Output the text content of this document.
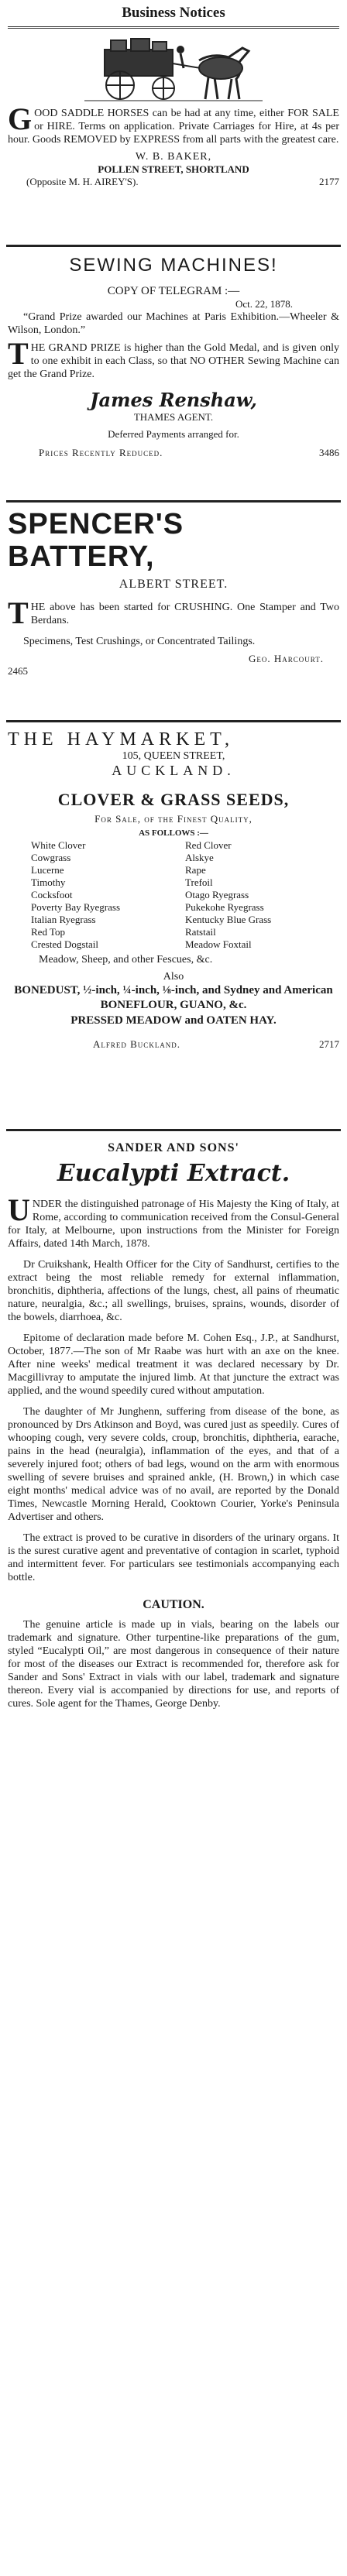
Business Notices

G OOD SADDLE HORSES can be had at any time, either FOR SALE or HIRE. Terms on application. Private Carriages for Hire, at 4s per hour. Goods REMOVED by EXPRESS from all parts with the greatest care.

W. B. BAKER,

POLLEN STREET, SHORTLAND

(Opposite M. H. AIREY'S).	2177

SEWING MACHINES!

COPY OF TELEGRAM :—

Oct. 22, 1878.

“Grand Prize awarded our Machines at Paris Exhibition.—Wheeler & Wilson, London.”

T HE GRAND PRIZE is higher than the Gold Medal, and is given only to one exhibit in each Class, so that NO OTHER Sewing Machine can get the Grand Prize.

James Renshaw,

THAMES AGENT.

Deferred Payments arranged for.

Prices Recently Reduced.	3486

SPENCER'S

BATTERY,

ALBERT STREET.

T HE above has been started for CRUSHING. One Stamper and Two Berdans.

Specimens, Test Crushings, or Concentrated Tailings.

Geo. Harcourt.

2465

THE HAYMARKET,

105, QUEEN STREET,

AUCKLAND.

CLOVER & GRASS SEEDS,

For Sale, of the Finest Quality,

AS FOLLOWS :—

White Clover	Red Clover
Cowgrass	Alskye
Lucerne	Rape
Timothy	Trefoil
Cocksfoot	Otago Ryegrass
Poverty Bay Ryegrass	Pukekohe Ryegrass
Italian Ryegrass	Kentucky Blue Grass
Red Top	Ratstail
Crested Dogstail	Meadow Foxtail

Meadow, Sheep, and other Fescues, &c.

Also

BONEDUST, ½-inch, ¼-inch, ⅛-inch, and Sydney and American BONEFLOUR, GUANO, &c.

PRESSED MEADOW and OATEN HAY.

Alfred Buckland.	2717

SANDER AND SONS'

Eucalypti Extract.

U NDER the distinguished patronage of His Majesty the King of Italy, at Rome, according to communication received from the Consul-General for Italy, at Melbourne, upon instructions from the Minister for Foreign Affairs, dated 14th March, 1878.

Dr Cruikshank, Health Officer for the City of Sandhurst, certifies to the extract being the most reliable remedy for external inflammation, bronchitis, diphtheria, affections of the lungs, chest, all pains of rheumatic nature, neuralgia, &c.; all swellings, bruises, sprains, wounds, disorder of the bowels, diarrhoea, &c.

Epitome of declaration made before M. Cohen Esq., J.P., at Sandhurst, October, 1877.—The son of Mr Raabe was hurt with an axe on the knee. After nine weeks' medical treatment it was declared necessary by Dr. Macgillivray to amputate the injured limb. At that juncture the extract was applied, and the wound speedily cured without amputation.

The daughter of Mr Junghenn, suffering from disease of the bone, as pronounced by Drs Atkinson and Boyd, was cured just as speedily. Cures of whooping cough, very severe colds, croup, bronchitis, diphtheria, earache, pains in the head (neuralgia), inflammation of the eyes, and that of a severely injured foot; others of bad legs, wound on the arm with enormous swelling of severe bruises and sprained ankle, (H. Brown,) in which case eight months' medical advice was of no avail, are reported by the Donald Times, Newcastle Morning Herald, Cooktown Courier, Yorke's Peninsula Advertiser and others.

The extract is proved to be curative in disorders of the urinary organs. It is the surest curative agent and preventative of contagion in scarlet, typhoid and intermittent fever. For particulars see testimonials accompanying each bottle.

CAUTION.

The genuine article is made up in vials, bearing on the labels our trademark and signature. Other turpentine-like preparations of the gum, styled “Eucalypti Oil,” are most dangerous in consequence of their nature for most of the diseases our Extract is recommended for, therefore ask for Sander and Sons' Extract in vials with our label, trademark and signature thereon. Every vial is accompanied by directions for use, and reports of cures. Sole agent for the Thames, George Denby.
